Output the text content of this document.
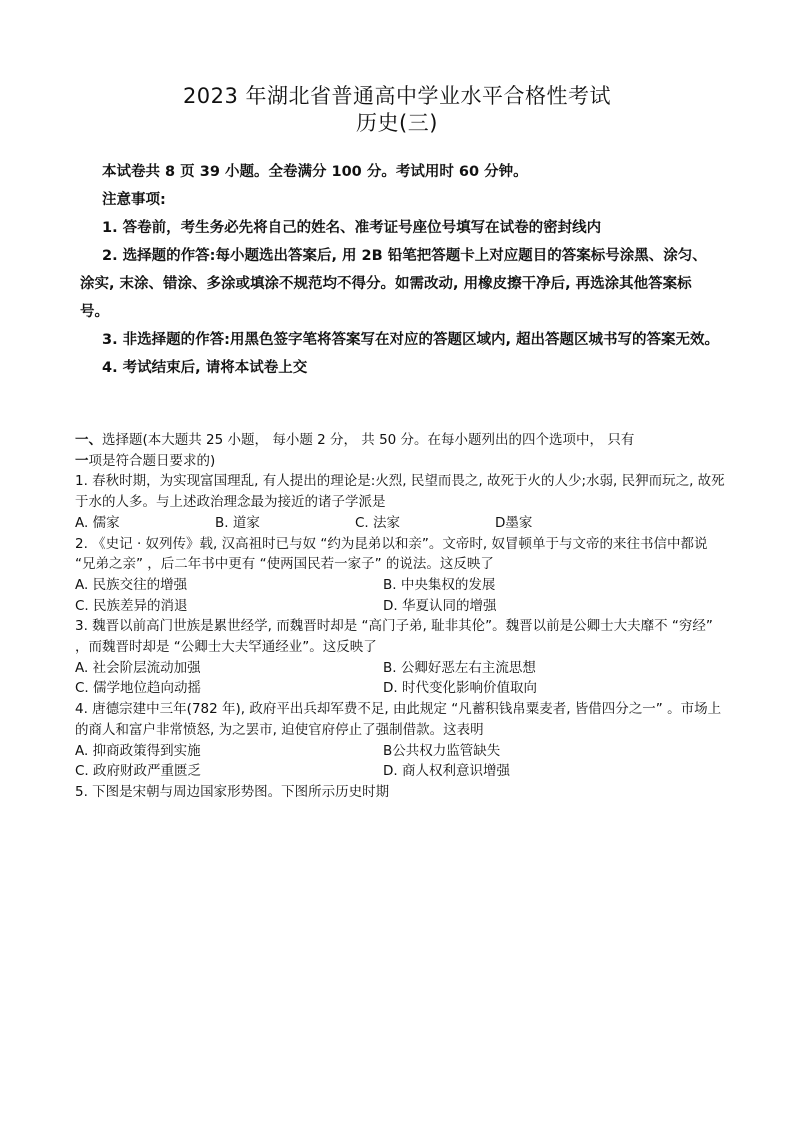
2023 年湖北省普通高中学业水平合格性考试
历史(三)

本试卷共 8 页 39 小题。全卷满分 100 分。考试用时 60 分钟。

注意事项:

1. 答卷前，考生务必先将自己的姓名、准考证号座位号填写在试卷的密封线内

2. 选择题的作答:每小题选出答案后, 用 2B 铅笔把答题卡上对应题目的答案标号涂黑、涂匀、涂实, 末涂、错涂、多涂或填涂不规范均不得分。如需改动, 用橡皮擦干净后, 再选涂其他答案标号。

3. 非选择题的作答:用黑色签字笔将答案写在对应的答题区域内, 超出答题区城书写的答案无效。

4. 考试结束后, 请将本试卷上交

一、选择题(本大题共 25 小题， 每小题 2 分， 共 50 分。在每小题列出的四个选项中， 只有

一项是符合题日要求的)

1. 春秋时期，为实现富国理乱, 有人提出的理论是:火烈, 民望而畏之, 故死于火的人少;水弱, 民狎而玩之, 故死于水的人多。与上述政治理念最为接近的诸子学派是

A. 儒家	B. 道家	C. 法家	D墨家

2. 《史记 · 奴列传》载, 汉高祖时已与奴 “约为昆弟以和亲”。文帝时, 奴冒顿单于与文帝的来往书信中都说 “兄弟之亲” ，后二年书中更有 “使两国民若一家子” 的说法。这反映了

A. 民族交往的增强	B. 中央集权的发展
C. 民族差异的消退	D. 华夏认同的增强

3. 魏晋以前高门世族是累世经学, 而魏晋时却是 “高门子弟, 耻非其伦”。魏晋以前是公卿士大夫靡不 “穷经” ，而魏晋时却是 “公卿士大夫罕通经业”。这反映了

A. 社会阶层流动加强	B. 公卿好恶左右主流思想
C. 儒学地位趋向动摇	D. 时代变化影响价值取向

4. 唐德宗建中三年(782 年), 政府平出兵却军费不足, 由此规定 “凡蓄积钱帛粟麦者, 皆借四分之一” 。市场上的商人和富户非常愤怒, 为之罢市, 迫使官府停止了强制借款。这表明

A. 抑商政策得到实施	B公共权力监管缺失
C. 政府财政严重匮乏	D. 商人权利意识增强

5. 下图是宋朝与周边国家形势图。下图所示历史时期
